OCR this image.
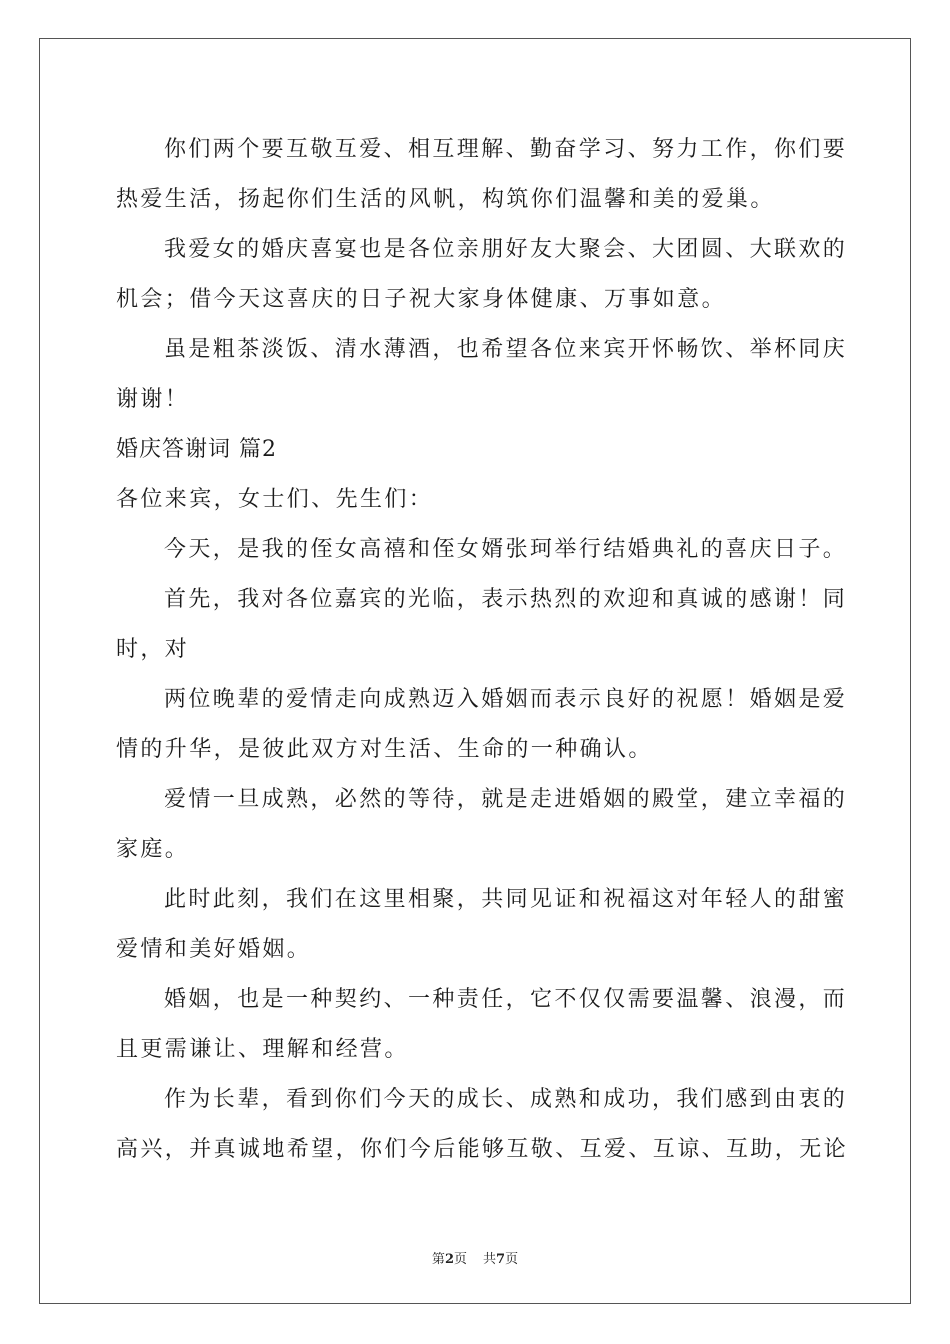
你们两个要互敬互爱、相互理解、勤奋学习、努力工作，你们要
热爱生活，扬起你们生活的风帆，构筑你们温馨和美的爱巢。
我爱女的婚庆喜宴也是各位亲朋好友大聚会、大团圆、大联欢的
机会；借今天这喜庆的日子祝大家身体健康、万事如意。
虽是粗茶淡饭、清水薄酒，也希望各位来宾开怀畅饮、举杯同庆
谢谢！
婚庆答谢词 篇2
各位来宾，女士们、先生们：
今天，是我的侄女高禧和侄女婿张珂举行结婚典礼的喜庆日子。
首先，我对各位嘉宾的光临，表示热烈的欢迎和真诚的感谢！同
时，对
两位晚辈的爱情走向成熟迈入婚姻而表示良好的祝愿！婚姻是爱
情的升华，是彼此双方对生活、生命的一种确认。
爱情一旦成熟，必然的等待，就是走进婚姻的殿堂，建立幸福的
家庭。
此时此刻，我们在这里相聚，共同见证和祝福这对年轻人的甜蜜
爱情和美好婚姻。
婚姻，也是一种契约、一种责任，它不仅仅需要温馨、浪漫，而
且更需谦让、理解和经营。
作为长辈，看到你们今天的成长、成熟和成功，我们感到由衷的
高兴，并真诚地希望，你们今后能够互敬、互爱、互谅、互助，无论
第2页 共7页
